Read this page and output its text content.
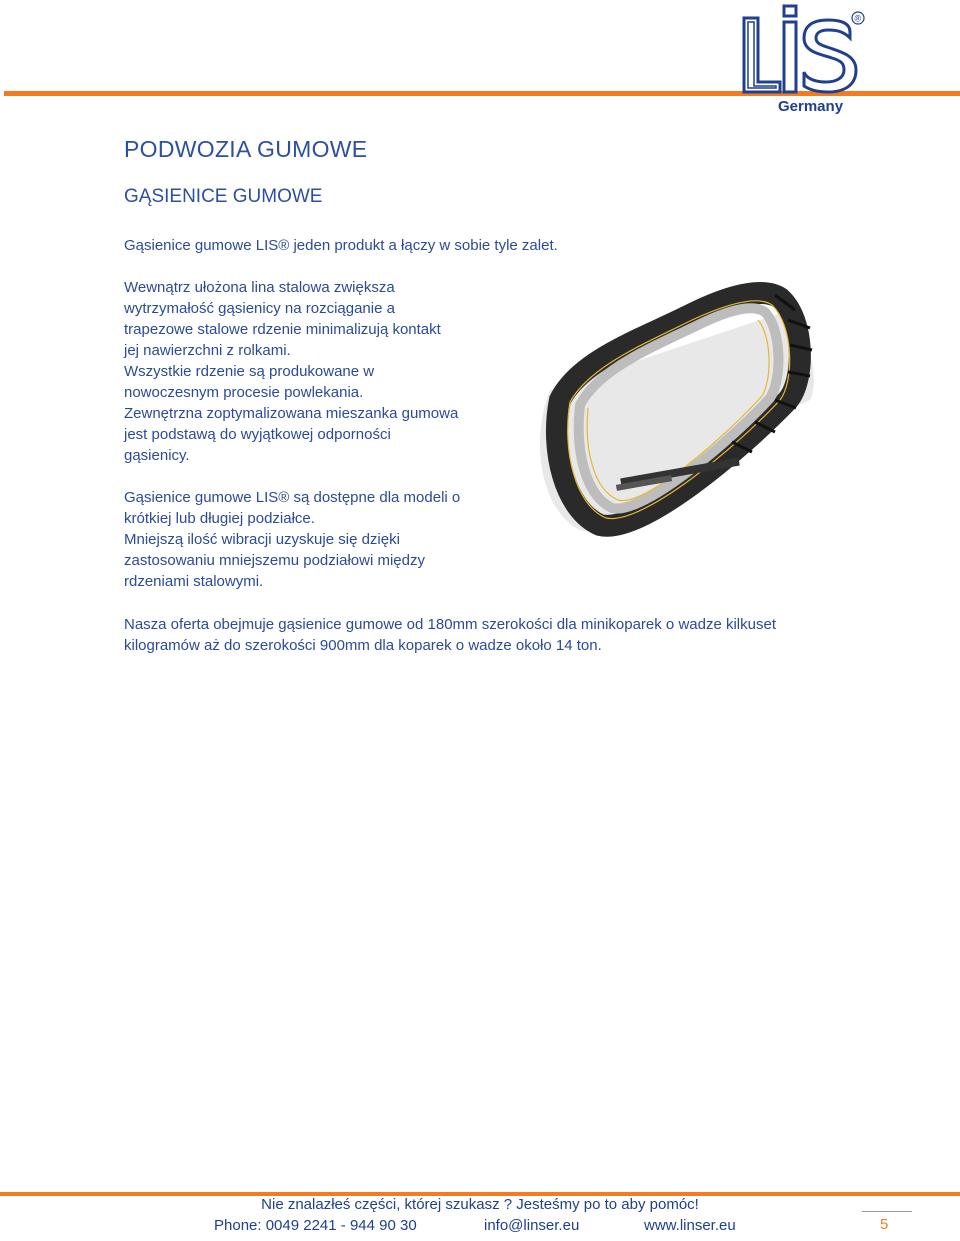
®
Germany
PODWOZIA GUMOWE
GĄSIENICE GUMOWE

Gąsienice gumowe LIS® jeden produkt a łączy w sobie tyle zalet.

Wewnątrz ułożona lina stalowa zwiększa
wytrzymałość gąsienicy na rozciąganie a
trapezowe stalowe rdzenie minimalizują kontakt
jej nawierzchni z rolkami.
Wszystkie rdzenie są produkowane w
nowoczesnym procesie powlekania.
Zewnętrzna zoptymalizowana mieszanka gumowa
jest podstawą do wyjątkowej odporności
gąsienicy.
Gąsienice gumowe LIS® są dostępne dla modeli o
krótkiej lub długiej podziałce.
Mniejszą ilość wibracji uzyskuje się dzięki
zastosowaniu mniejszemu podziałowi między
rdzeniami stalowymi.
Nasza oferta obejmuje gąsienice gumowe od 180mm szerokości dla minikoparek o wadze kilkuset
kilogramów aż do szerokości 900mm dla koparek o wadze około 14 ton.
Nie znalazłeś części, której szukasz ? Jesteśmy po to aby pomóc!
Phone: 0049 2241 - 944 90 30	info@linser.eu	www.linser.eu	5
